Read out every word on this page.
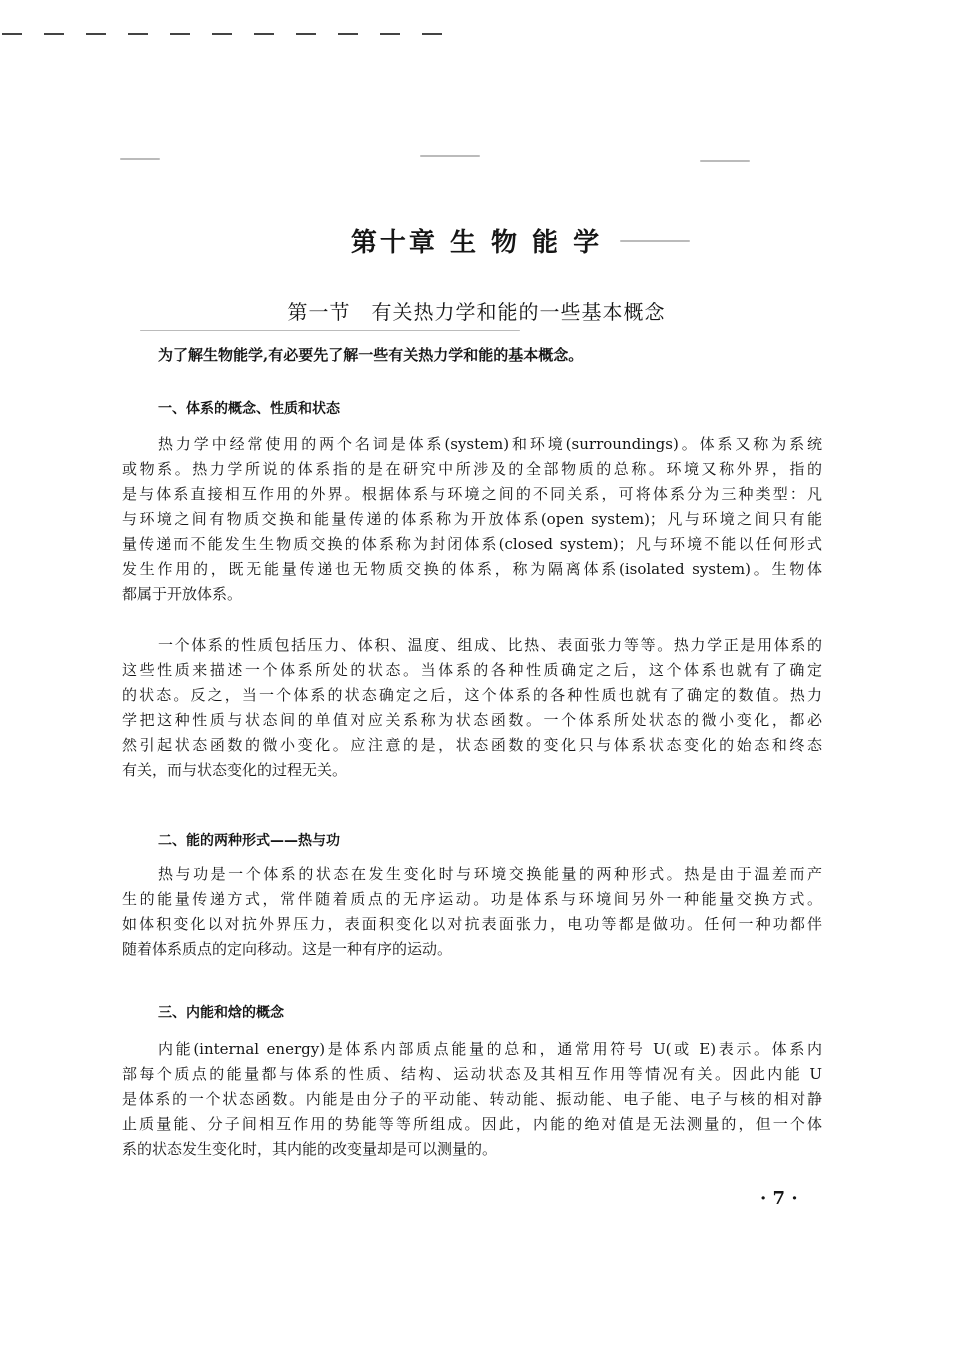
第十章 生 物 能 学
第一节　有关热力学和能的一些基本概念
为了解生物能学,有必要先了解一些有关热力学和能的基本概念。
一、体系的概念、性质和状态
热力学中经常使用的两个名词是体系(system)和环境(surroundings)。体系又称为系统
或物系。热力学所说的体系指的是在研究中所涉及的全部物质的总称。环境又称外界，指的
是与体系直接相互作用的外界。根据体系与环境之间的不同关系，可将体系分为三种类型：凡
与环境之间有物质交换和能量传递的体系称为开放体系(open system)；凡与环境之间只有能
量传递而不能发生生物质交换的体系称为封闭体系(closed system)；凡与环境不能以任何形式
发生作用的，既无能量传递也无物质交换的体系，称为隔离体系(isolated system)。生物体
都属于开放体系。
一个体系的性质包括压力、体积、温度、组成、比热、表面张力等等。热力学正是用体系的
这些性质来描述一个体系所处的状态。当体系的各种性质确定之后，这个体系也就有了确定
的状态。反之，当一个体系的状态确定之后，这个体系的各种性质也就有了确定的数值。热力
学把这种性质与状态间的单值对应关系称为状态函数。一个体系所处状态的微小变化，都必
然引起状态函数的微小变化。应注意的是，状态函数的变化只与体系状态变化的始态和终态
有关，而与状态变化的过程无关。
二、能的两种形式——热与功
热与功是一个体系的状态在发生变化时与环境交换能量的两种形式。热是由于温差而产
生的能量传递方式，常伴随着质点的无序运动。功是体系与环境间另外一种能量交换方式。
如体积变化以对抗外界压力，表面积变化以对抗表面张力，电功等都是做功。任何一种功都伴
随着体系质点的定向移动。这是一种有序的运动。
三、内能和焓的概念
内能(internal energy)是体系内部质点能量的总和，通常用符号 U(或 E)表示。体系内
部每个质点的能量都与体系的性质、结构、运动状态及其相互作用等情况有关。因此内能 U
是体系的一个状态函数。内能是由分子的平动能、转动能、振动能、电子能、电子与核的相对静
止质量能、分子间相互作用的势能等等所组成。因此，内能的绝对值是无法测量的，但一个体
系的状态发生变化时，其内能的改变量却是可以测量的。
· 7 ·
